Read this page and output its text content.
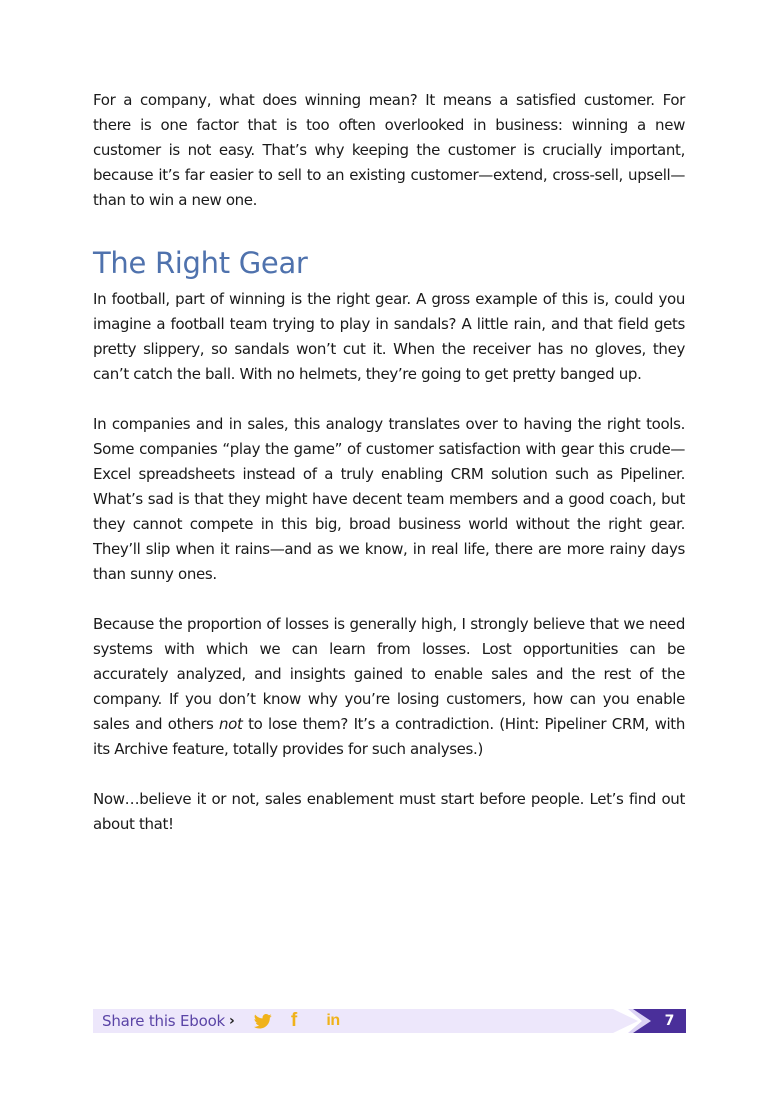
For a company, what does winning mean? It means a satisfied customer. For there is one factor that is too often overlooked in business: winning a new customer is not easy. That’s why keeping the customer is crucially important, because it’s far easier to sell to an existing customer—extend, cross-sell, upsell—than to win a new one.

The Right Gear

In football, part of winning is the right gear. A gross example of this is, could you imagine a football team trying to play in sandals? A little rain, and that field gets pretty slippery, so sandals won’t cut it. When the receiver has no gloves, they can’t catch the ball. With no helmets, they’re going to get pretty banged up.

In companies and in sales, this analogy translates over to having the right tools. Some companies “play the game” of customer satisfaction with gear this crude—Excel spreadsheets instead of a truly enabling CRM solution such as Pipeliner. What’s sad is that they might have decent team members and a good coach, but they cannot compete in this big, broad business world without the right gear. They’ll slip when it rains—and as we know, in real life, there are more rainy days than sunny ones.

Because the proportion of losses is generally high, I strongly believe that we need systems with which we can learn from losses. Lost opportunities can be accurately analyzed, and insights gained to enable sales and the rest of the company. If you don’t know why you’re losing customers, how can you enable sales and others not to lose them? It’s a contradiction. (Hint: Pipeliner CRM, with its Archive feature, totally provides for such analyses.)

Now…believe it or not, sales enablement must start before people. Let’s find out about that!

Share this Ebook ›	f in	7
